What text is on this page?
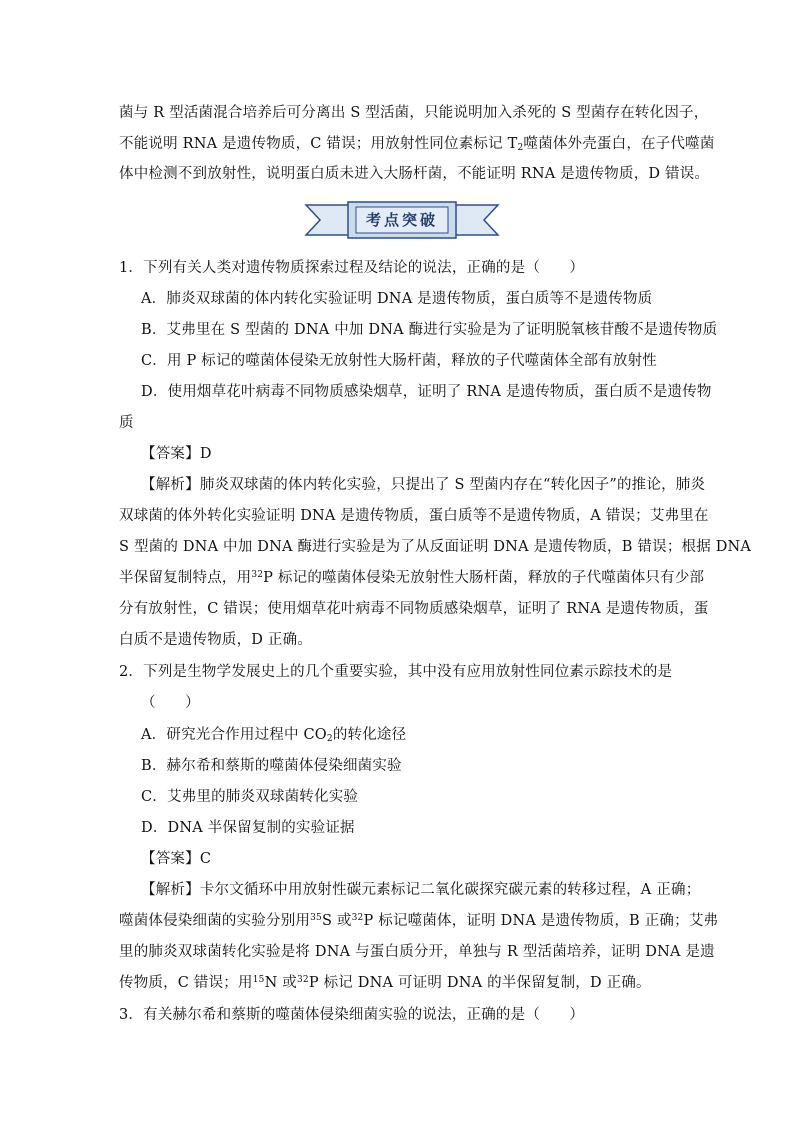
菌与 R 型活菌混合培养后可分离出 S 型活菌，只能说明加入杀死的 S 型菌存在转化因子，
不能说明 RNA 是遗传物质，C 错误；用放射性同位素标记 $T_2$噬菌体外壳蛋白，在子代噬菌
体中检测不到放射性，说明蛋白质未进入大肠杆菌，不能证明 RNA 是遗传物质，D 错误。
考点突破
1．下列有关人类对遗传物质探索过程及结论的说法，正确的是（　　）
A．肺炎双球菌的体内转化实验证明 DNA 是遗传物质，蛋白质等不是遗传物质
B．艾弗里在 S 型菌的 DNA 中加 DNA 酶进行实验是为了证明脱氧核苷酸不是遗传物质
C．用 P 标记的噬菌体侵染无放射性大肠杆菌，释放的子代噬菌体全部有放射性
D．使用烟草花叶病毒不同物质感染烟草，证明了 RNA 是遗传物质，蛋白质不是遗传物
质
【答案】D
【解析】肺炎双球菌的体内转化实验，只提出了 S 型菌内存在“转化因子”的推论，肺炎
双球菌的体外转化实验证明 DNA 是遗传物质，蛋白质等不是遗传物质，A 错误；艾弗里在
S 型菌的 DNA 中加 DNA 酶进行实验是为了从反面证明 DNA 是遗传物质，B 错误；根据 DNA
半保留复制特点，用$^{32}$P 标记的噬菌体侵染无放射性大肠杆菌，释放的子代噬菌体只有少部
分有放射性，C 错误；使用烟草花叶病毒不同物质感染烟草，证明了 RNA 是遗传物质，蛋
白质不是遗传物质，D 正确。
2．下列是生物学发展史上的几个重要实验，其中没有应用放射性同位素示踪技术的是
（　　）
A．研究光合作用过程中 $CO_2$的转化途径
B．赫尔希和蔡斯的噬菌体侵染细菌实验
C．艾弗里的肺炎双球菌转化实验
D．DNA 半保留复制的实验证据
【答案】C
【解析】卡尔文循环中用放射性碳元素标记二氧化碳探究碳元素的转移过程，A 正确；
噬菌体侵染细菌的实验分别用$^{35}$S 或$^{32}$P 标记噬菌体，证明 DNA 是遗传物质，B 正确；艾弗
里的肺炎双球菌转化实验是将 DNA 与蛋白质分开，单独与 R 型活菌培养，证明 DNA 是遗
传物质，C 错误；用$^{15}$N 或$^{32}$P 标记 DNA 可证明 DNA 的半保留复制，D 正确。
3．有关赫尔希和蔡斯的噬菌体侵染细菌实验的说法，正确的是（　　）
